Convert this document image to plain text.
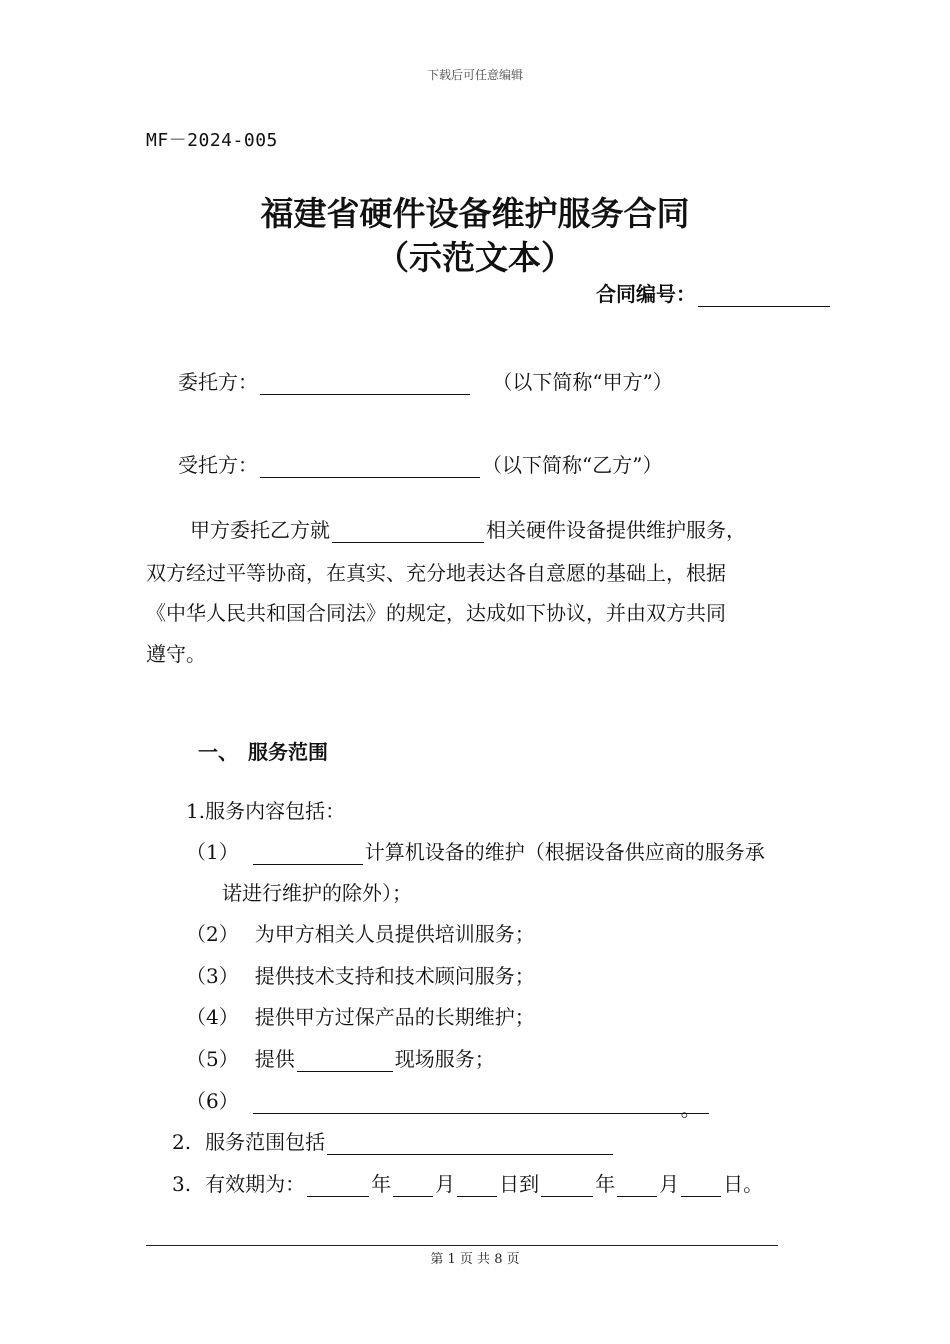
下载后可任意编辑
MF－2024-005
福建省硬件设备维护服务合同
（示范文本）
合同编号：
委托方：	（以下简称“甲方”）
受托方：	（以下简称“乙方”）
甲方委托乙方就	相关硬件设备提供维护服务，
双方经过平等协商，在真实、充分地表达各自意愿的基础上，根据
《中华人民共和国合同法》的规定，达成如下协议，并由双方共同
遵守。
一、　服务范围
1.服务内容包括：
（1）	计算机设备的维护（根据设备供应商的服务承
诺进行维护的除外）；
（2） 为甲方相关人员提供培训服务；
（3） 提供技术支持和技术顾问服务；
（4） 提供甲方过保产品的长期维护；
（5） 提供	现场服务；
（6）	。
2. 服务范围包括
3. 有效期为：	年 月 日到	年 月 日。
第 1 页 共 8 页
